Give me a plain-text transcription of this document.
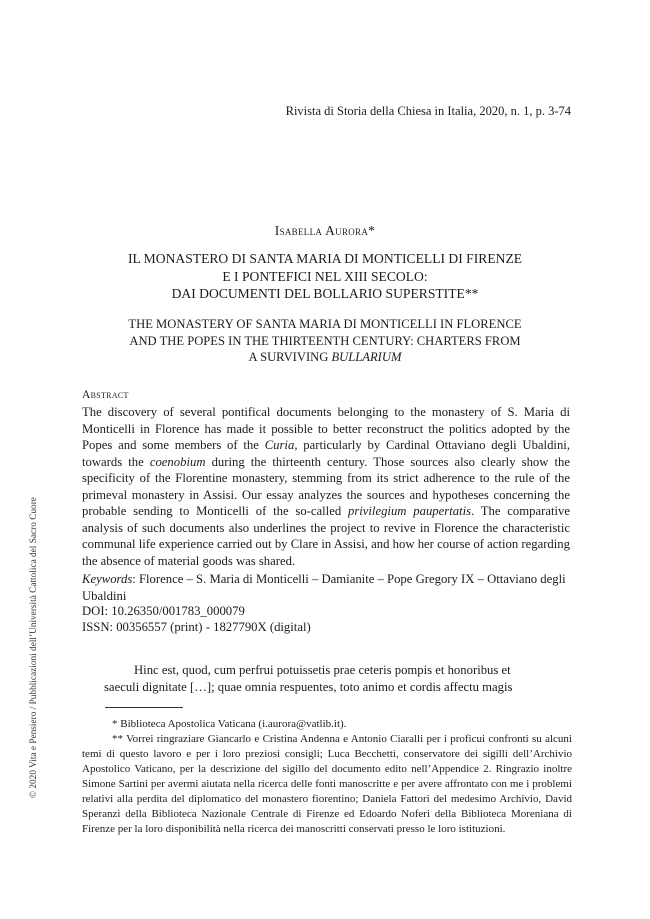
Rivista di Storia della Chiesa in Italia, 2020, n. 1, p. 3-74
© 2020 Vita e Pensiero / Pubblicazioni dell’Università Cattolica del Sacro Cuore
Isabella Aurora*
IL MONASTERO DI SANTA MARIA DI MONTICELLI DI FIRENZE
E I PONTEFICI NEL XIII SECOLO:
DAI DOCUMENTI DEL BOLLARIO SUPERSTITE**
THE MONASTERY OF SANTA MARIA DI MONTICELLI IN FLORENCE
AND THE POPES IN THE THIRTEENTH CENTURY: CHARTERS FROM
A SURVIVING BULLARIUM
Abstract
The discovery of several pontifical documents belonging to the monastery of S. Maria di Monticelli in Florence has made it possible to better reconstruct the politics adopted by the Popes and some members of the Curia, particularly by Cardinal Ottaviano degli Ubaldini, towards the coenobium during the thirteenth century. Those sources also clearly show the specificity of the Florentine monastery, stemming from its strict adherence to the rule of the primeval monastery in Assisi. Our essay analyzes the sources and hypotheses concerning the probable sending to Monticelli of the so-called privilegium paupertatis. The comparative analysis of such documents also underlines the project to revive in Florence the characteristic communal life experience carried out by Clare in Assisi, and how her course of action regarding the absence of material goods was shared.
Keywords: Florence – S. Maria di Monticelli – Damianite – Pope Gregory IX – Ottaviano degli Ubaldini
DOI: 10.26350/001783_000079
ISSN: 00356557 (print) - 1827790X (digital)
Hinc est, quod, cum perfrui potuissetis prae ceteris pompis et honoribus et
saeculi dignitate […]; quae omnia respuentes, toto animo et cordis affectu magis

* Biblioteca Apostolica Vaticana (i.aurora@vatlib.it).

** Vorrei ringraziare Giancarlo e Cristina Andenna e Antonio Ciaralli per i proficui confronti su alcuni temi di questo lavoro e per i loro preziosi consigli; Luca Becchetti, conservatore dei sigilli dell’Archivio Apostolico Vaticano, per la descrizione del sigillo del documento edito nell’Appendice 2. Ringrazio inoltre Simone Sartini per avermi aiutata nella ricerca delle fonti manoscritte e per avere affrontato con me i problemi relativi alla perdita del diplomatico del monastero fiorentino; Daniela Fattori del medesimo Archivio, David Speranzi della Biblioteca Nazionale Centrale di Firenze ed Edoardo Noferi della Biblioteca Moreniana di Firenze per la loro disponibilità nella ricerca dei manoscritti conservati presso le loro istituzioni.
